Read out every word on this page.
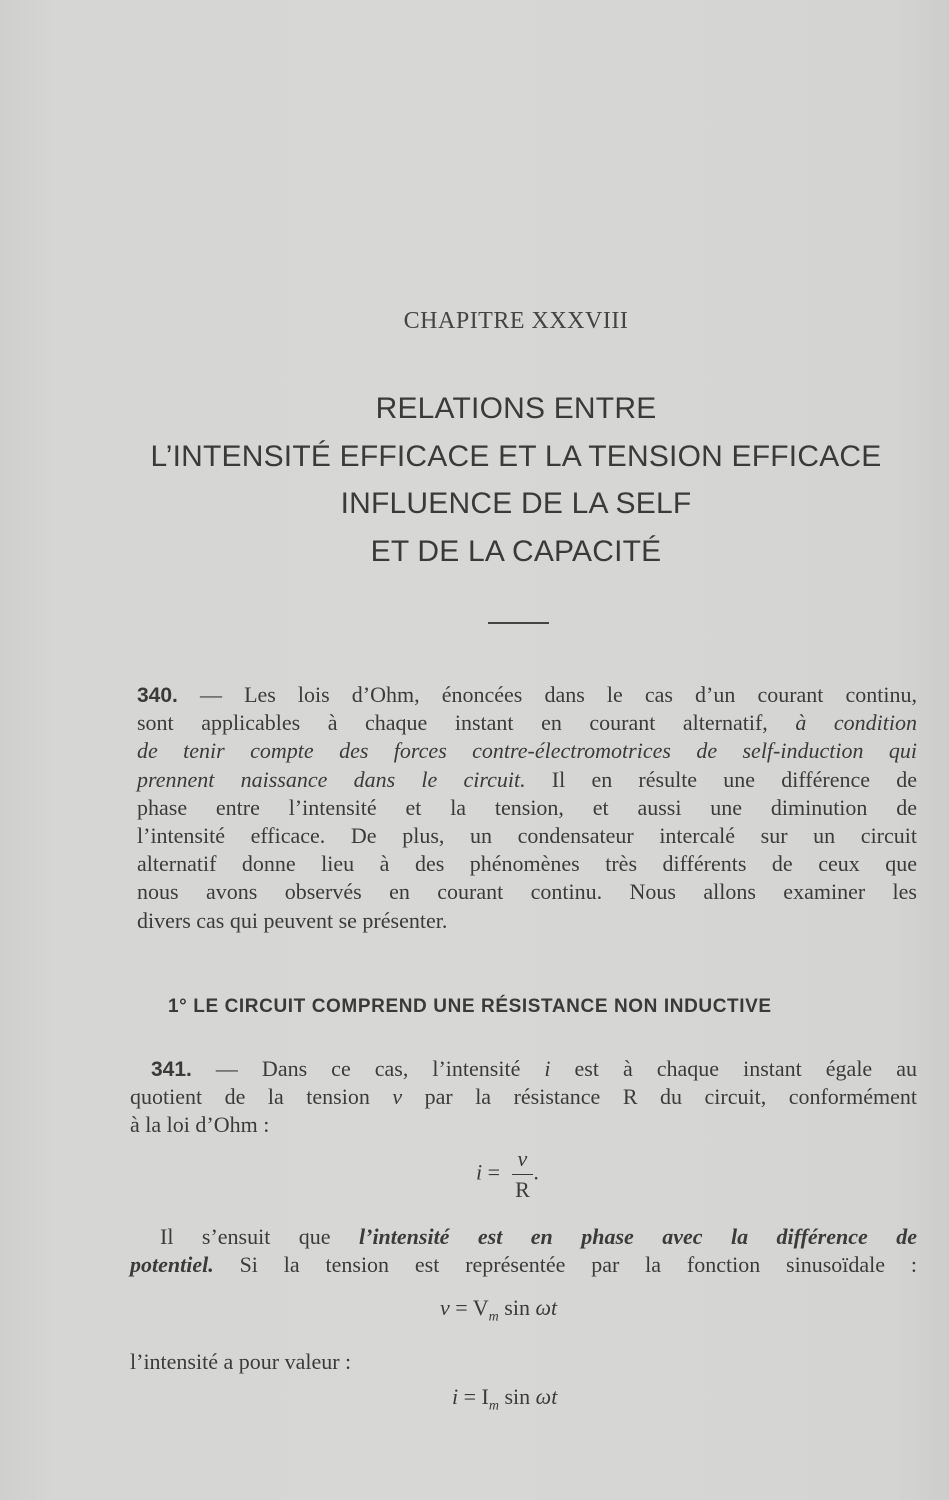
CHAPITRE XXXVIII
RELATIONS ENTRE
L’INTENSITÉ EFFICACE ET LA TENSION EFFICACE
INFLUENCE DE LA SELF
ET DE LA CAPACITÉ
340. — Les lois d’Ohm, énoncées dans le cas d’un courant continu,
sont applicables à chaque instant en courant alternatif, à condition
de tenir compte des forces contre-électromotrices de self-induction qui
prennent naissance dans le circuit. Il en résulte une différence de
phase entre l’intensité et la tension, et aussi une diminution de
l’intensité efficace. De plus, un condensateur intercalé sur un circuit
alternatif donne lieu à des phénomènes très différents de ceux que
nous avons observés en courant continu. Nous allons examiner les
divers cas qui peuvent se présenter.
1° LE CIRCUIT COMPREND UNE RÉSISTANCE NON INDUCTIVE
341. — Dans ce cas, l’intensité i est à chaque instant égale au
quotient de la tension v par la résistance R du circuit, conformément
à la loi d’Ohm :
$i = \frac{v}{R}$ .
Il s’ensuit que l’intensité est en phase avec la différence de
potentiel. Si la tension est représentée par la fonction sinusoïdale :
$v = V_m$ sin ωt
l’intensité a pour valeur :
$i = I_m$ sin ωt
